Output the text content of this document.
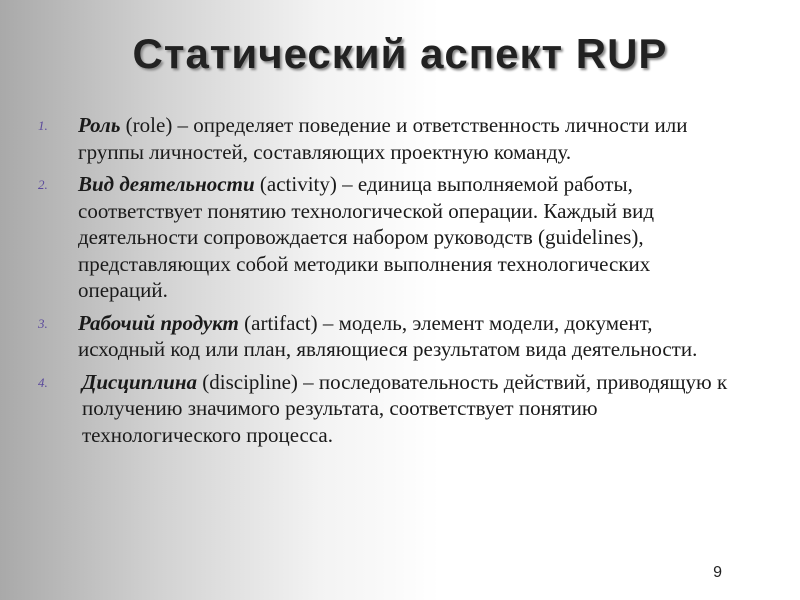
Статический аспект RUP
1. Роль (role) – определяет поведение и ответственность личности или группы личностей, составляющих проектную команду.
2. Вид деятельности (activity) – единица выполняемой работы, соответствует понятию технологической операции. Каждый вид деятельности сопровождается набором руководств (guidelines), представляющих собой методики выполнения технологических операций.
3. Рабочий продукт (artifact) – модель, элемент модели, документ, исходный код или план, являющиеся результатом вида деятельности.
4. Дисциплина (discipline) – последовательность действий, приводящую к получению значимого результата, соответствует понятию технологического процесса.
9
